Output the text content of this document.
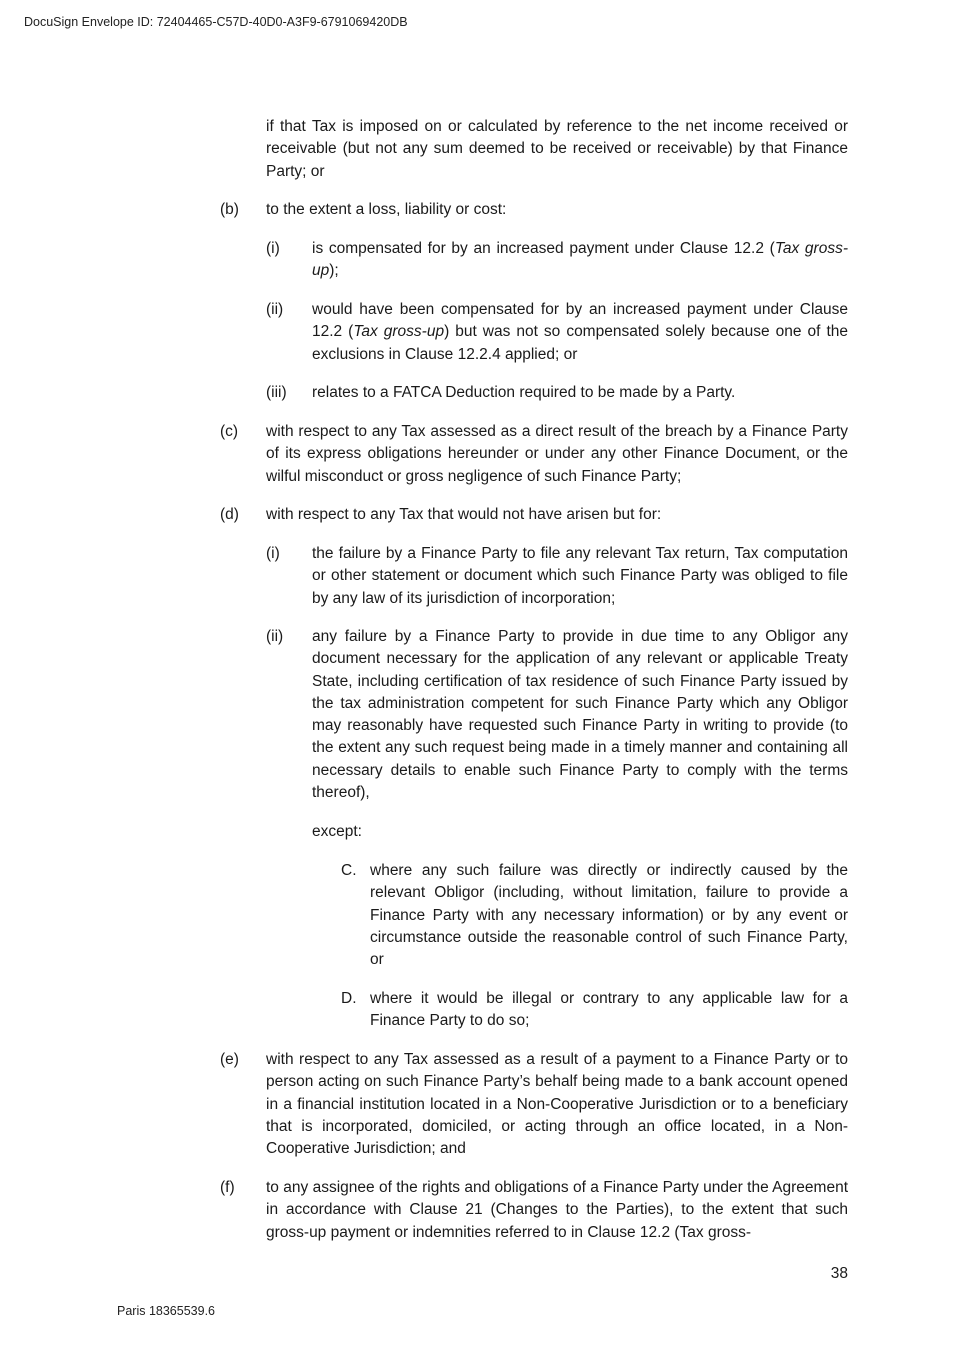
DocuSign Envelope ID: 72404465-C57D-40D0-A3F9-6791069420DB

if that Tax is imposed on or calculated by reference to the net income received or receivable (but not any sum deemed to be received or receivable) by that Finance Party; or

(b) to the extent a loss, liability or cost:

(i) is compensated for by an increased payment under Clause 12.2 (Tax gross-up);

(ii) would have been compensated for by an increased payment under Clause 12.2 (Tax gross-up) but was not so compensated solely because one of the exclusions in Clause 12.2.4 applied; or

(iii) relates to a FATCA Deduction required to be made by a Party.

(c) with respect to any Tax assessed as a direct result of the breach by a Finance Party of its express obligations hereunder or under any other Finance Document, or the wilful misconduct or gross negligence of such Finance Party;

(d) with respect to any Tax that would not have arisen but for:

(i) the failure by a Finance Party to file any relevant Tax return, Tax computation or other statement or document which such Finance Party was obliged to file by any law of its jurisdiction of incorporation;

(ii) any failure by a Finance Party to provide in due time to any Obligor any document necessary for the application of any relevant or applicable Treaty State, including certification of tax residence of such Finance Party issued by the tax administration competent for such Finance Party which any Obligor may reasonably have requested such Finance Party in writing to provide (to the extent any such request being made in a timely manner and containing all necessary details to enable such Finance Party to comply with the terms thereof),

except:

C. where any such failure was directly or indirectly caused by the relevant Obligor (including, without limitation, failure to provide a Finance Party with any necessary information) or by any event or circumstance outside the reasonable control of such Finance Party, or

D. where it would be illegal or contrary to any applicable law for a Finance Party to do so;

(e) with respect to any Tax assessed as a result of a payment to a Finance Party or to person acting on such Finance Party’s behalf being made to a bank account opened in a financial institution located in a Non-Cooperative Jurisdiction or to a beneficiary that is incorporated, domiciled, or acting through an office located, in a Non-Cooperative Jurisdiction; and

(f) to any assignee of the rights and obligations of a Finance Party under the Agreement in accordance with Clause 21 (Changes to the Parties), to the extent that such gross-up payment or indemnities referred to in Clause 12.2 (Tax gross-

38
Paris 18365539.6
